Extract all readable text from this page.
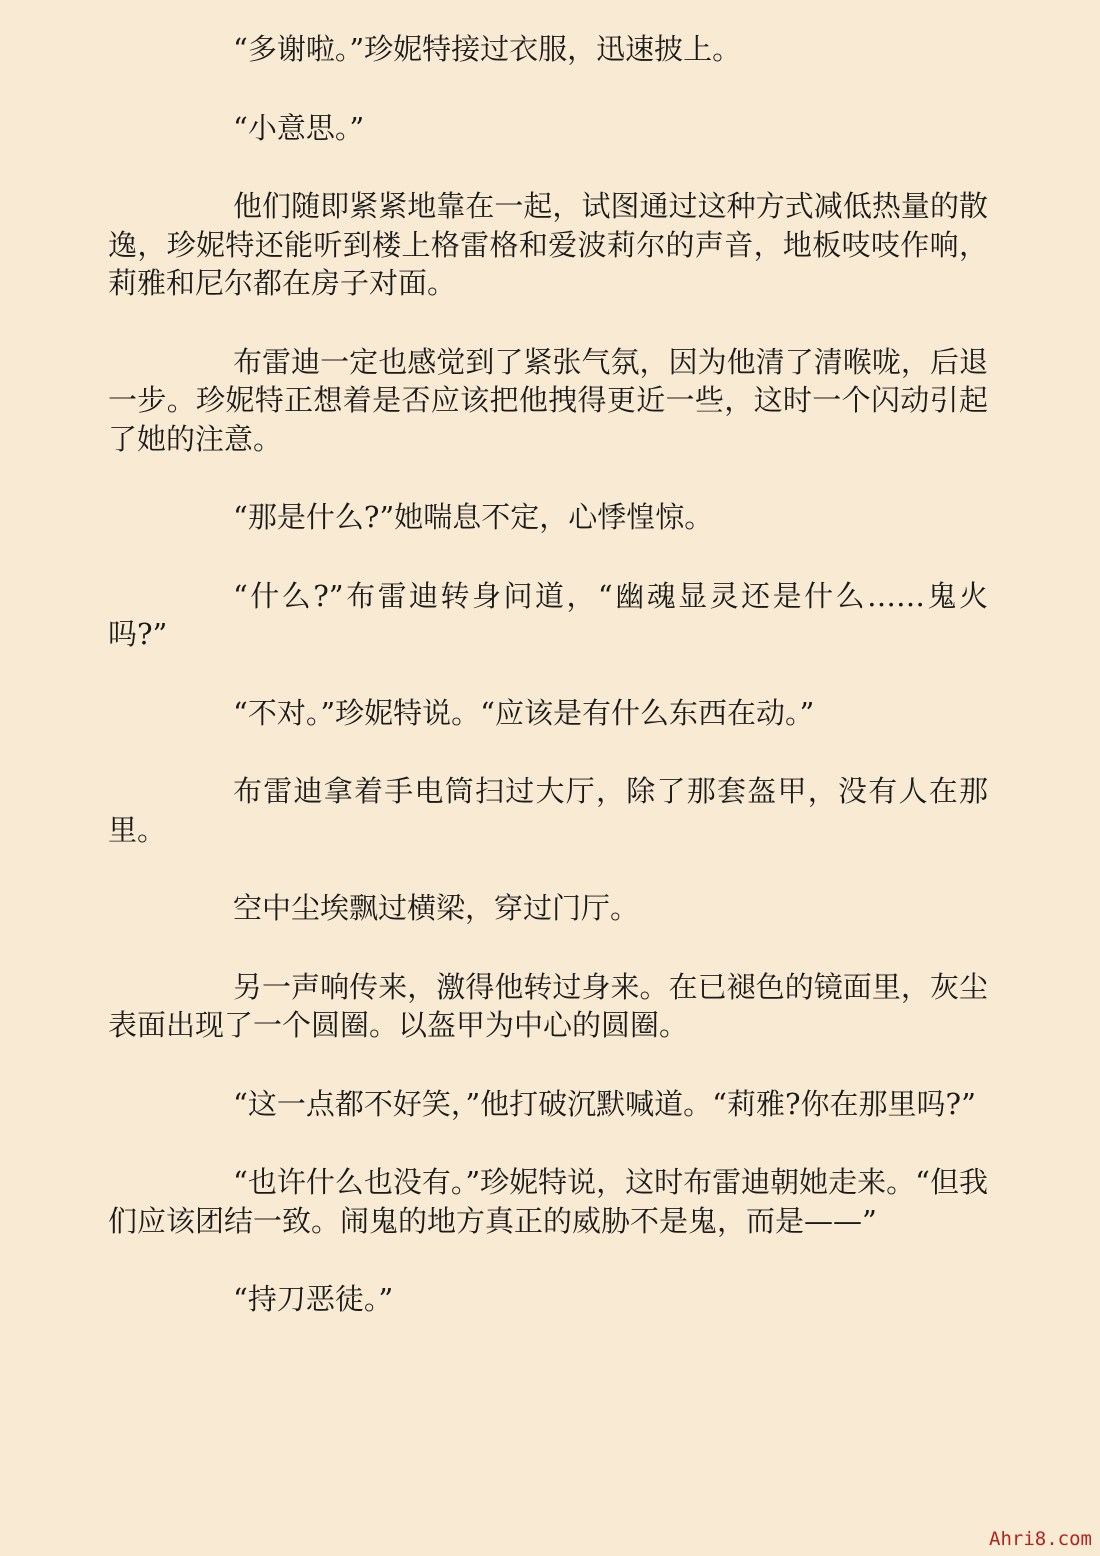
“多谢啦。”珍妮特接过衣服，迅速披上。

“小意思。”

他们随即紧紧地靠在一起，试图通过这种方式减低热量的散逸，珍妮特还能听到楼上格雷格和爱波莉尔的声音，地板吱吱作响，莉雅和尼尔都在房子对面。

布雷迪一定也感觉到了紧张气氛，因为他清了清喉咙，后退一步。珍妮特正想着是否应该把他拽得更近一些，这时一个闪动引起了她的注意。

“那是什么?”她喘息不定，心悸惶惊。

“什么?”布雷迪转身问道，“幽魂显灵还是什么……鬼火吗?”

“不对。”珍妮特说。“应该是有什么东西在动。”

布雷迪拿着手电筒扫过大厅，除了那套盔甲，没有人在那里。

空中尘埃飘过横梁，穿过门厅。

另一声响传来，激得他转过身来。在已褪色的镜面里，灰尘表面出现了一个圆圈。以盔甲为中心的圆圈。

“这一点都不好笑，”他打破沉默喊道。“莉雅?你在那里吗?”

“也许什么也没有。”珍妮特说，这时布雷迪朝她走来。“但我们应该团结一致。闹鬼的地方真正的威胁不是鬼，而是——”

“持刀恶徒。”

Ahri8.com
